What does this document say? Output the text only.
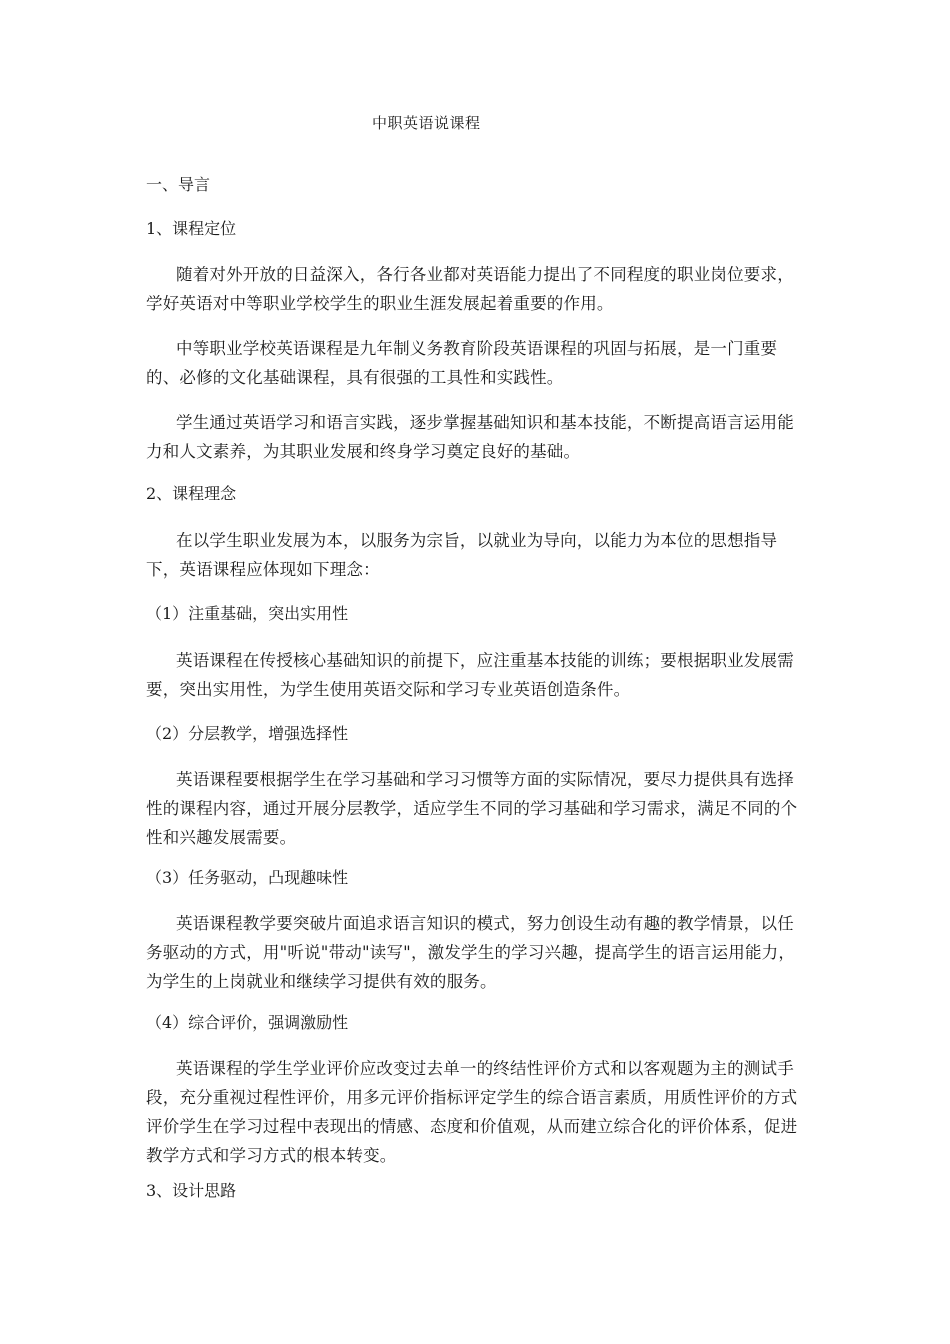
中职英语说课程
一、导言
1、课程定位
随着对外开放的日益深入，各行各业都对英语能力提出了不同程度的职业岗位要求，学好英语对中等职业学校学生的职业生涯发展起着重要的作用。
中等职业学校英语课程是九年制义务教育阶段英语课程的巩固与拓展，是一门重要的、必修的文化基础课程，具有很强的工具性和实践性。
学生通过英语学习和语言实践，逐步掌握基础知识和基本技能，不断提高语言运用能力和人文素养，为其职业发展和终身学习奠定良好的基础。
2、课程理念
在以学生职业发展为本，以服务为宗旨，以就业为导向，以能力为本位的思想指导下，英语课程应体现如下理念：
（1）注重基础，突出实用性
英语课程在传授核心基础知识的前提下，应注重基本技能的训练；要根据职业发展需要，突出实用性，为学生使用英语交际和学习专业英语创造条件。
（2）分层教学，增强选择性
英语课程要根据学生在学习基础和学习习惯等方面的实际情况，要尽力提供具有选择性的课程内容，通过开展分层教学，适应学生不同的学习基础和学习需求，满足不同的个性和兴趣发展需要。
（3）任务驱动，凸现趣味性
英语课程教学要突破片面追求语言知识的模式，努力创设生动有趣的教学情景，以任务驱动的方式，用"听说"带动"读写"，激发学生的学习兴趣，提高学生的语言运用能力，为学生的上岗就业和继续学习提供有效的服务。
（4）综合评价，强调激励性
英语课程的学生学业评价应改变过去单一的终结性评价方式和以客观题为主的测试手段，充分重视过程性评价，用多元评价指标评定学生的综合语言素质，用质性评价的方式评价学生在学习过程中表现出的情感、态度和价值观，从而建立综合化的评价体系，促进教学方式和学习方式的根本转变。
3、设计思路
